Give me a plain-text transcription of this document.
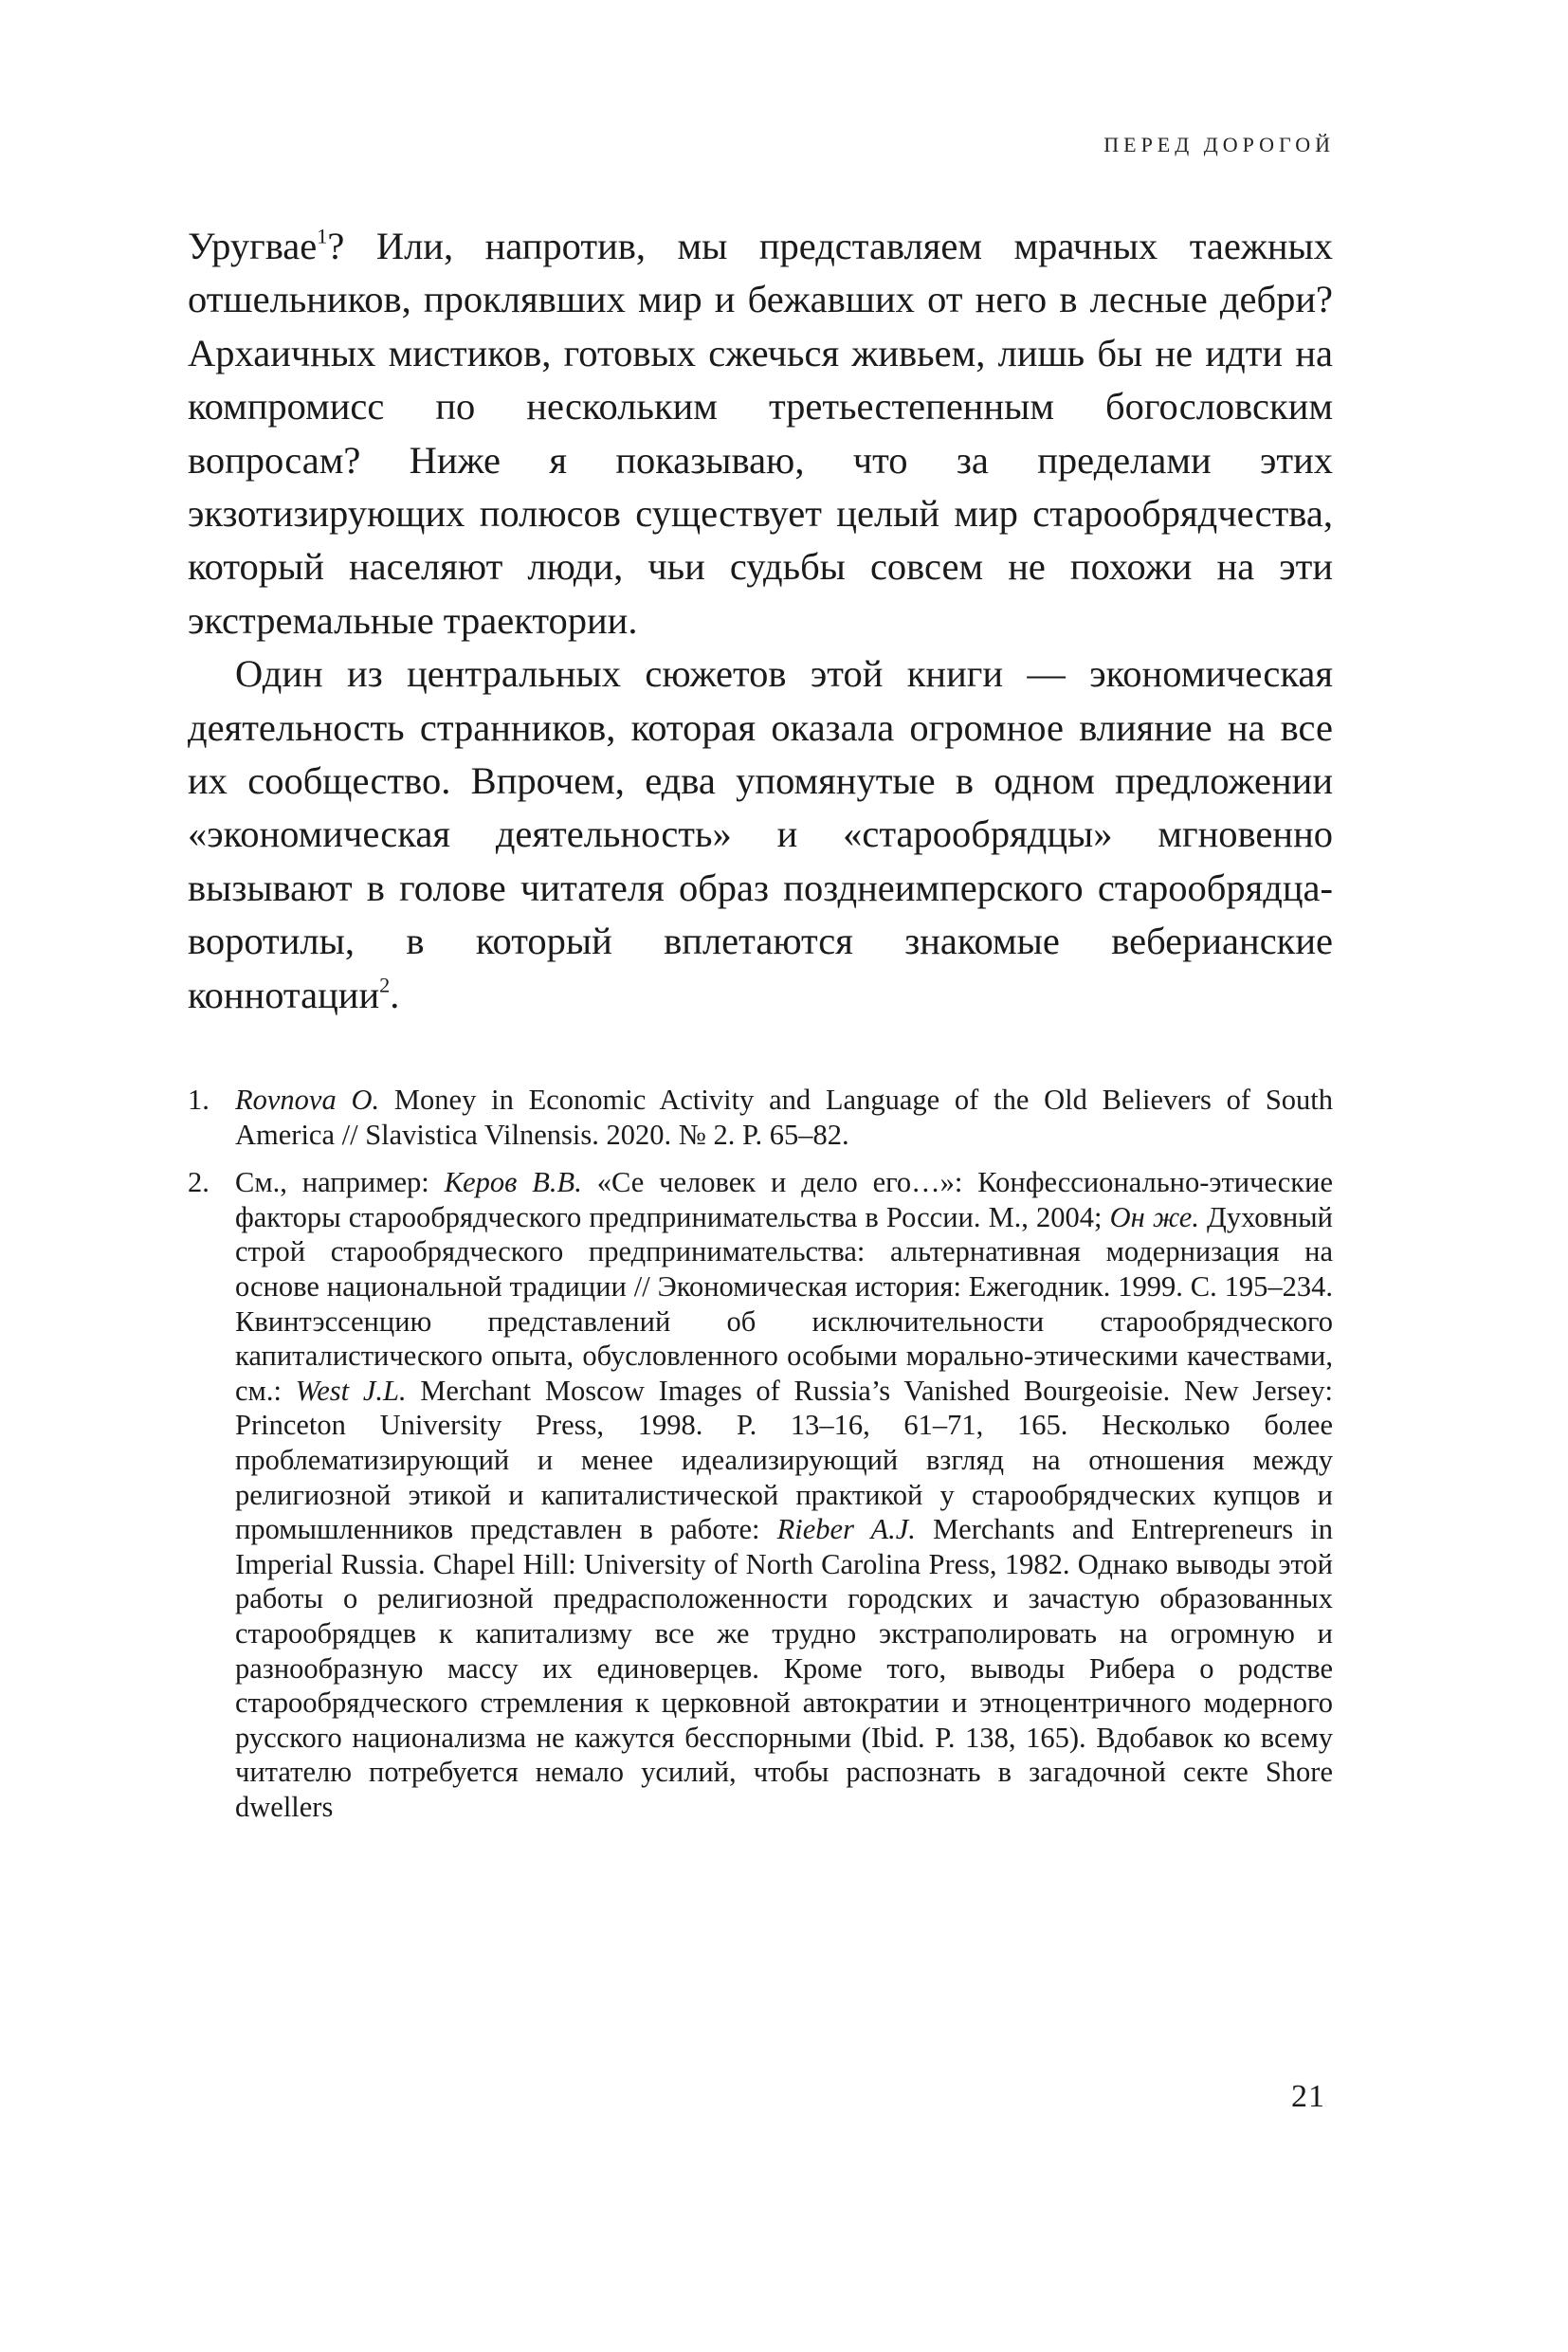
ПЕРЕД ДОРОГОЙ

Уругвае$^1$? Или, напротив, мы представляем мрачных таежных отшельников, проклявших мир и бежавших от него в лесные дебри? Архаичных мистиков, готовых сжечься живьем, лишь бы не идти на компромисс по нескольким третьестепенным богословским вопросам? Ниже я показываю, что за пределами этих экзотизирующих полюсов существует целый мир старообрядчества, который населяют люди, чьи судьбы совсем не похожи на эти экстремальные траектории.

Один из центральных сюжетов этой книги — экономическая деятельность странников, которая оказала огромное влияние на все их сообщество. Впрочем, едва упомянутые в одном предложении «экономическая деятельность» и «старообрядцы» мгновенно вызывают в голове читателя образ позднеимперского старообрядца-воротилы, в который вплетаются знакомые веберианские коннотации$^2$.

1. Rovnova O. Money in Economic Activity and Language of the Old Believers of South America // Slavistica Vilnensis. 2020. № 2. P. 65–82.
2. См., например: Керов В.В. «Се человек и дело его…»: Конфессионально-этические факторы старообрядческого предпринимательства в России. М., 2004; Он же. Духовный строй старообрядческого предпринимательства: альтернативная модернизация на основе национальной традиции // Экономическая история: Ежегодник. 1999. С. 195–234. Квинтэссенцию представлений об исключительности старообрядческого капиталистического опыта, обусловленного особыми морально-этическими качествами, см.: West J.L. Merchant Moscow Images of Russia’s Vanished Bourgeoisie. New Jersey: Princeton University Press, 1998. P. 13–16, 61–71, 165. Несколько более проблематизирующий и менее идеализирующий взгляд на отношения между религиозной этикой и капиталистической практикой у старообрядческих купцов и промышленников представлен в работе: Rieber A.J. Merchants and Entrepreneurs in Imperial Russia. Chapel Hill: University of North Carolina Press, 1982. Однако выводы этой работы о религиозной предрасположенности городских и зачастую образованных старообрядцев к капитализму все же трудно экстраполировать на огромную и разнообразную массу их единоверцев. Кроме того, выводы Рибера о родстве старообрядческого стремления к церковной автократии и этноцентричного модерного русского национализма не кажутся бесспорными (Ibid. P. 138, 165). Вдобавок ко всему читателю потребуется немало усилий, чтобы распознать в загадочной секте Shore dwellers
21
